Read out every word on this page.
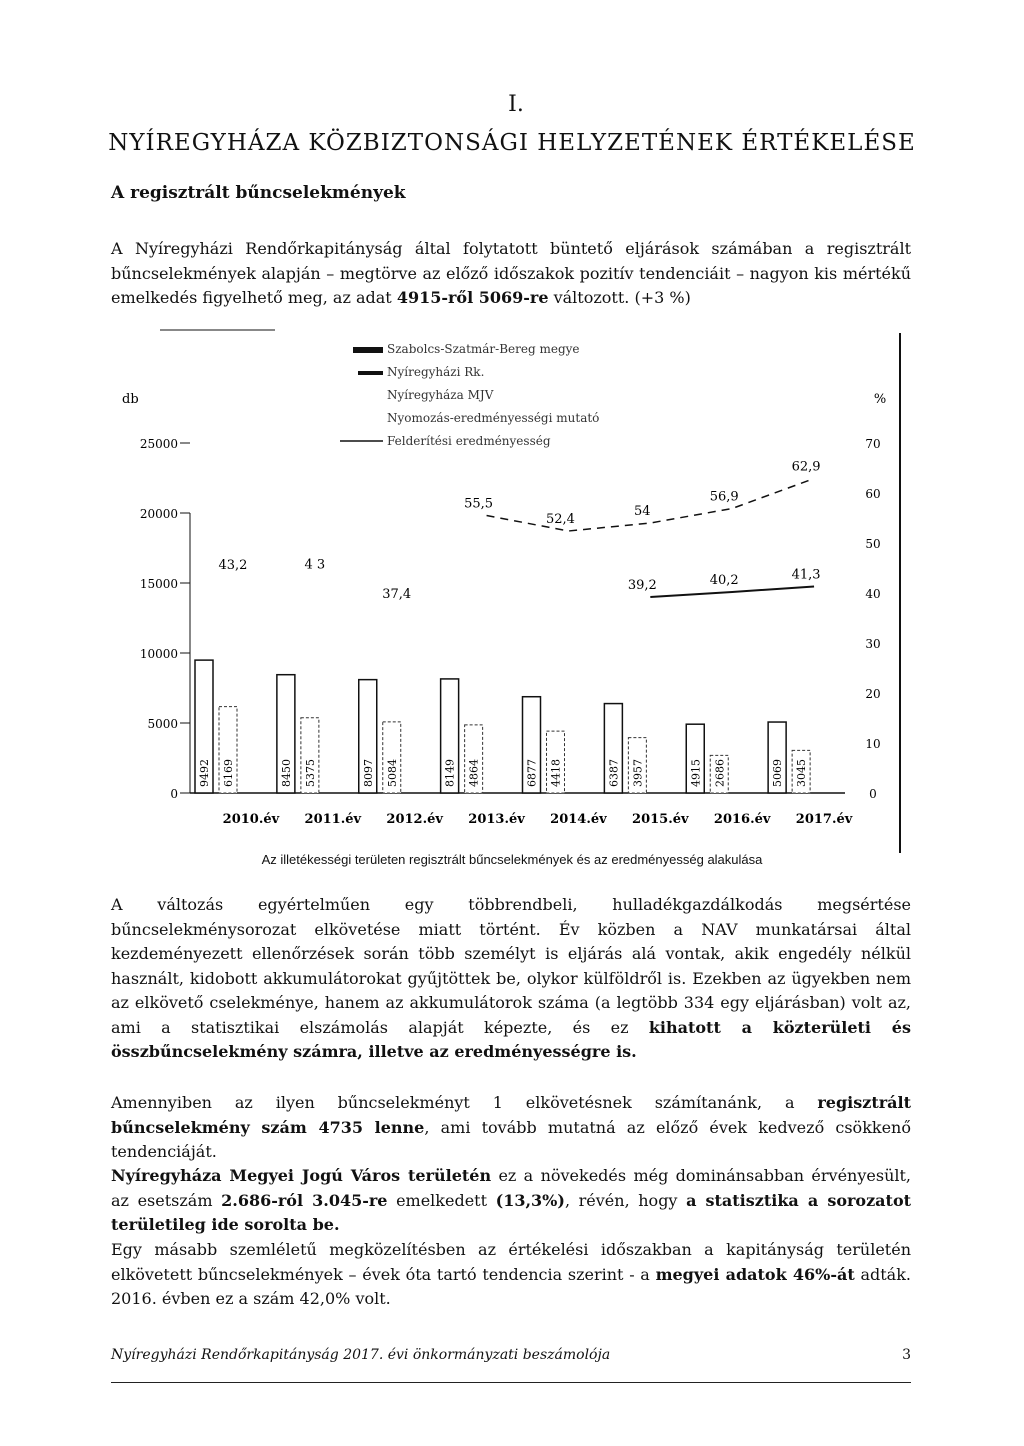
I.
NYÍREGYHÁZA KÖZBIZTONSÁGI HELYZETÉNEK ÉRTÉKELÉSE
A regisztrált bűncselekmények
A Nyíregyházi Rendőrkapitányság által folytatott büntető eljárások számában a regisztrált bűncselekmények alapján – megtörve az előző időszakok pozitív tendenciáit – nagyon kis mértékű emelkedés figyelhető meg, az adat 4915-ről 5069-re változott. (+3 %)
db	%
0
5000
10000
15000
20000
25000
0
10
20
30
40
50
60
70
9492 6169
2010.év
8450 5375
2011.év
8097 5084
2012.év
8149 4864
2013.év
6877 4418
2014.év
6387 3957
2015.év
4915 2686
2016.év
5069 3045
2017.év
43,2	4 3
37,4
55,5
52,4
54
56,9
62,9
39,2	40,2	41,3
Szabolcs-Szatmár-Bereg megye
Nyíregyházi Rk.
Nyíregyháza MJV
Nyomozás-eredményességi mutató
Felderítési eredményesség
Az illetékességi területen regisztrált bűncselekmények és az eredményesség alakulása
A változás egyértelműen egy többrendbeli, hulladékgazdálkodás megsértése bűncselekménysorozat elkövetése miatt történt. Év közben a NAV munkatársai által kezdeményezett ellenőrzések során több személyt is eljárás alá vontak, akik engedély nélkül használt, kidobott akkumulátorokat gyűjtöttek be, olykor külföldről is. Ezekben az ügyekben nem az elkövető cselekménye, hanem az akkumulátorok száma (a legtöbb 334 egy eljárásban) volt az, ami a statisztikai elszámolás alapját képezte, és ez kihatott a közterületi és összbűncselekmény számra, illetve az eredményességre is.
Amennyiben az ilyen bűncselekményt 1 elkövetésnek számítanánk, a regisztrált bűncselekmény szám 4735 lenne, ami tovább mutatná az előző évek kedvező csökkenő tendenciáját.
Nyíregyháza Megyei Jogú Város területén ez a növekedés még dominánsabban érvényesült, az esetszám 2.686-ról 3.045-re emelkedett (13,3%), révén, hogy a statisztika a sorozatot területileg ide sorolta be.
Egy másabb szemléletű megközelítésben az értékelési időszakban a kapitányság területén elkövetett bűncselekmények – évek óta tartó tendencia szerint - a megyei adatok 46%-át adták. 2016. évben ez a szám 42,0% volt.
Nyíregyházi Rendőrkapitányság 2017. évi önkormányzati beszámolója	3
